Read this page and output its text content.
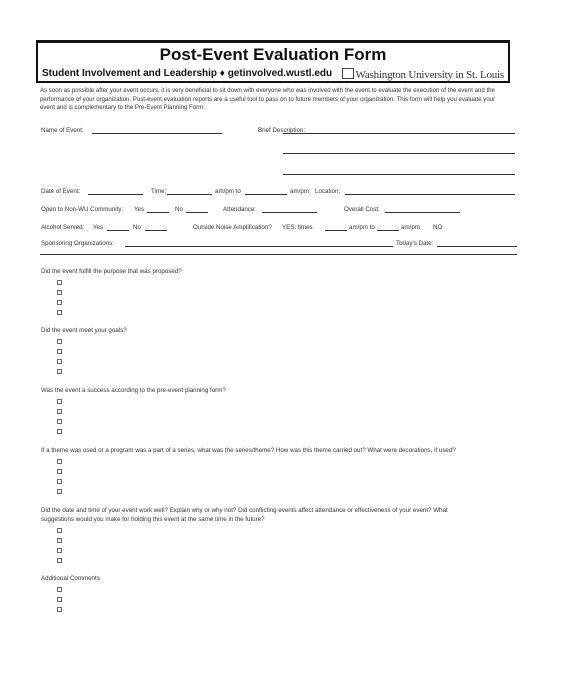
Post-Event Evaluation Form
Student Involvement and Leadership ♦ getinvolved.wustl.edu	Washington University in St. Louis
As soon as possible after your event occurs, it is very beneficial to sit down with everyone who was involved with the event to evaluate the execution of the event and the performance of your organization. Post-event evaluation reports are a useful tool to pass on to future members of your organization. This form will help you evaluate your event and is complementary to the Pre-Event Planning Form.
Name of Event:	Brief Description:
Date of Event:	Time:	am/pm to	am/pm Location:
Open to Non-WU Community: Yes	No	Attendance:	Overall Cost:
Alcohol Served: Yes	No	Outside Noise Amplification? YES: times	am/pm to	am/pm NO
Sponsoring Organizations:	Today's Date:
Did the event fulfill the purpose that was proposed?
Did the event meet your goals?
Was the event a success according to the pre-event planning form?
If a theme was used or a program was a part of a series, what was the series/theme? How was this theme carried out? What were decorations, if used?
Did the date and time of your event work well? Explain why or why not? Did conflicting events affect attendance or effectiveness of your event? What
suggestions would you make for holding this event at the same time in the future?
Additional Comments
